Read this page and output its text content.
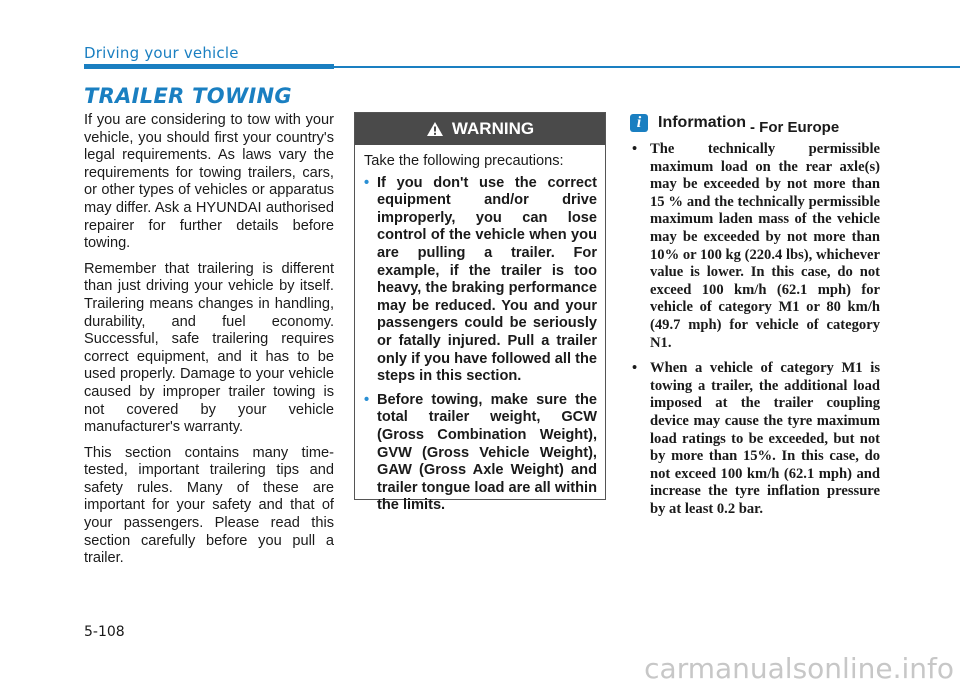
Driving your vehicle
TRAILER TOWING

If you are considering to tow with your vehicle, you should first your country's legal requirements. As laws vary the requirements for towing trailers, cars, or other types of vehicles or apparatus may differ. Ask a HYUNDAI authorised repairer for further details before towing.

Remember that trailering is different than just driving your vehicle by itself. Trailering means changes in handling, durability, and fuel economy. Successful, safe trailering requires correct equipment, and it has to be used properly. Damage to your vehicle caused by improper trailer towing is not covered by your vehicle manufacturer's warranty.

This section contains many time-tested, important trailering tips and safety rules. Many of these are important for your safety and that of your passengers. Please read this section carefully before you pull a trailer.

WARNING

Take the following precautions:

• If you don't use the correct equipment and/or drive improperly, you can lose control of the vehicle when you are pulling a trailer. For example, if the trailer is too heavy, the braking performance may be reduced. You and your passengers could be seriously or fatally injured. Pull a trailer only if you have followed all the steps in this section.
• Before towing, make sure the total trailer weight, GCW (Gross Combination Weight), GVW (Gross Vehicle Weight), GAW (Gross Axle Weight) and trailer tongue load are all within the limits.
i	Information - For Europe
• The technically permissible maximum load on the rear axle(s) may be exceeded by not more than 15 % and the technically permissible maximum laden mass of the vehicle may be exceeded by not more than 10% or 100 kg (220.4 lbs), whichever value is lower. In this case, do not exceed 100 km/h (62.1 mph) for vehicle of category M1 or 80 km/h (49.7 mph) for vehicle of category N1.
• When a vehicle of category M1 is towing a trailer, the additional load imposed at the trailer coupling device may cause the tyre maximum load ratings to be exceeded, but not by more than 15%. In this case, do not exceed 100 km/h (62.1 mph) and increase the tyre inflation pressure by at least 0.2 bar.
5-108
carmanualsonline.info
